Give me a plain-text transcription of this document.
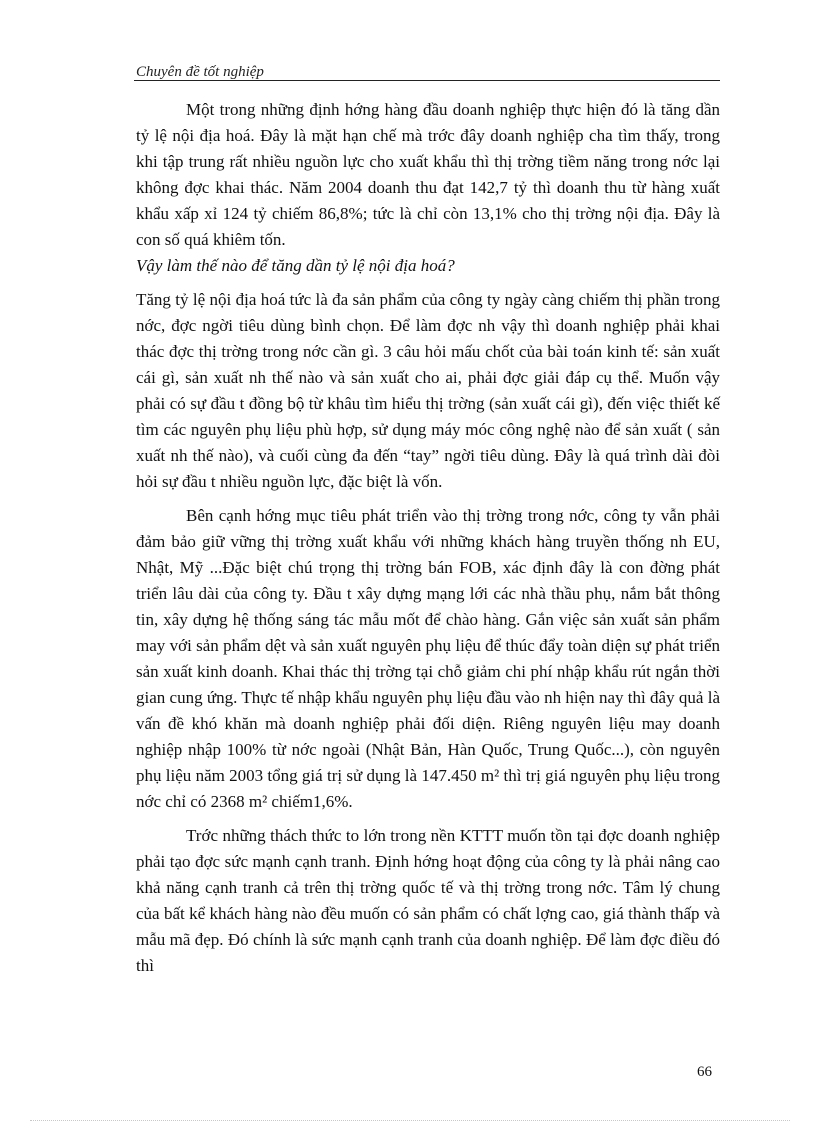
Chuyên đề tốt nghiệp

Một trong những định hớng hàng đầu doanh nghiệp thực hiện đó là tăng dần tỷ lệ nội địa hoá. Đây là mặt hạn chế mà trớc đây doanh nghiệp cha tìm thấy, trong khi tập trung rất nhiều nguồn lực cho xuất khẩu thì thị trờng tiềm năng trong nớc lại không đợc khai thác. Năm 2004 doanh thu đạt 142,7 tỷ thì doanh thu từ hàng xuất khẩu xấp xỉ 124 tỷ chiếm 86,8%; tức là chỉ còn 13,1% cho thị trờng nội địa. Đây là con số quá khiêm tốn.

Vậy làm thế nào để tăng dần tỷ lệ nội địa hoá?

Tăng tỷ lệ nội địa hoá tức là đa sản phẩm của công ty ngày càng chiếm thị phần trong nớc, đợc ngời tiêu dùng bình chọn. Để làm đợc nh vậy thì doanh nghiệp phải khai thác đợc thị trờng trong nớc cần gì. 3 câu hỏi mấu chốt của bài toán kinh tế: sản xuất cái gì, sản xuất nh thế nào và sản xuất cho ai, phải đợc giải đáp cụ thể. Muốn vậy phải có sự đầu t đồng bộ từ khâu tìm hiểu thị trờng (sản xuất cái gì), đến việc thiết kế tìm các nguyên phụ liệu phù hợp, sử dụng máy móc công nghệ nào để sản xuất ( sản xuất nh thế nào), và cuối cùng đa đến “tay” ngời tiêu dùng. Đây là quá trình dài đòi hỏi sự đầu t nhiều nguồn lực, đặc biệt là vốn.

Bên cạnh hớng mục tiêu phát triển vào thị trờng trong nớc, công ty vẫn phải đảm bảo giữ vững thị trờng xuất khẩu với những khách hàng truyền thống nh EU, Nhật, Mỹ ...Đặc biệt chú trọng thị trờng bán FOB, xác định đây là con đờng phát triển lâu dài của công ty. Đầu t xây dựng mạng lới các nhà thầu phụ, nắm bắt thông tin, xây dựng hệ thống sáng tác mẫu mốt để chào hàng. Gắn việc sản xuất sản phẩm may với sản phẩm dệt và sản xuất nguyên phụ liệu để thúc đẩy toàn diện sự phát triển sản xuất kinh doanh. Khai thác thị trờng tại chỗ giảm chi phí nhập khẩu rút ngắn thời gian cung ứng. Thực tế nhập khẩu nguyên phụ liệu đầu vào nh hiện nay thì đây quả là vấn đề khó khăn mà doanh nghiệp phải đối diện. Riêng nguyên liệu may doanh nghiệp nhập 100% từ nớc ngoài (Nhật Bản, Hàn Quốc, Trung Quốc...), còn nguyên phụ liệu năm 2003 tổng giá trị sử dụng là 147.450 m² thì trị giá nguyên phụ liệu trong nớc chỉ có 2368 m² chiếm1,6%.

Trớc những thách thức to lớn trong nền KTTT muốn tồn tại đợc doanh nghiệp phải tạo đợc sức mạnh cạnh tranh. Định hớng hoạt động của công ty là phải nâng cao khả năng cạnh tranh cả trên thị trờng quốc tế và thị trờng trong nớc. Tâm lý chung của bất kể khách hàng nào đều muốn có sản phẩm có chất lợng cao, giá thành thấp và mẫu mã đẹp. Đó chính là sức mạnh cạnh tranh của doanh nghiệp. Để làm đợc điều đó thì

66
